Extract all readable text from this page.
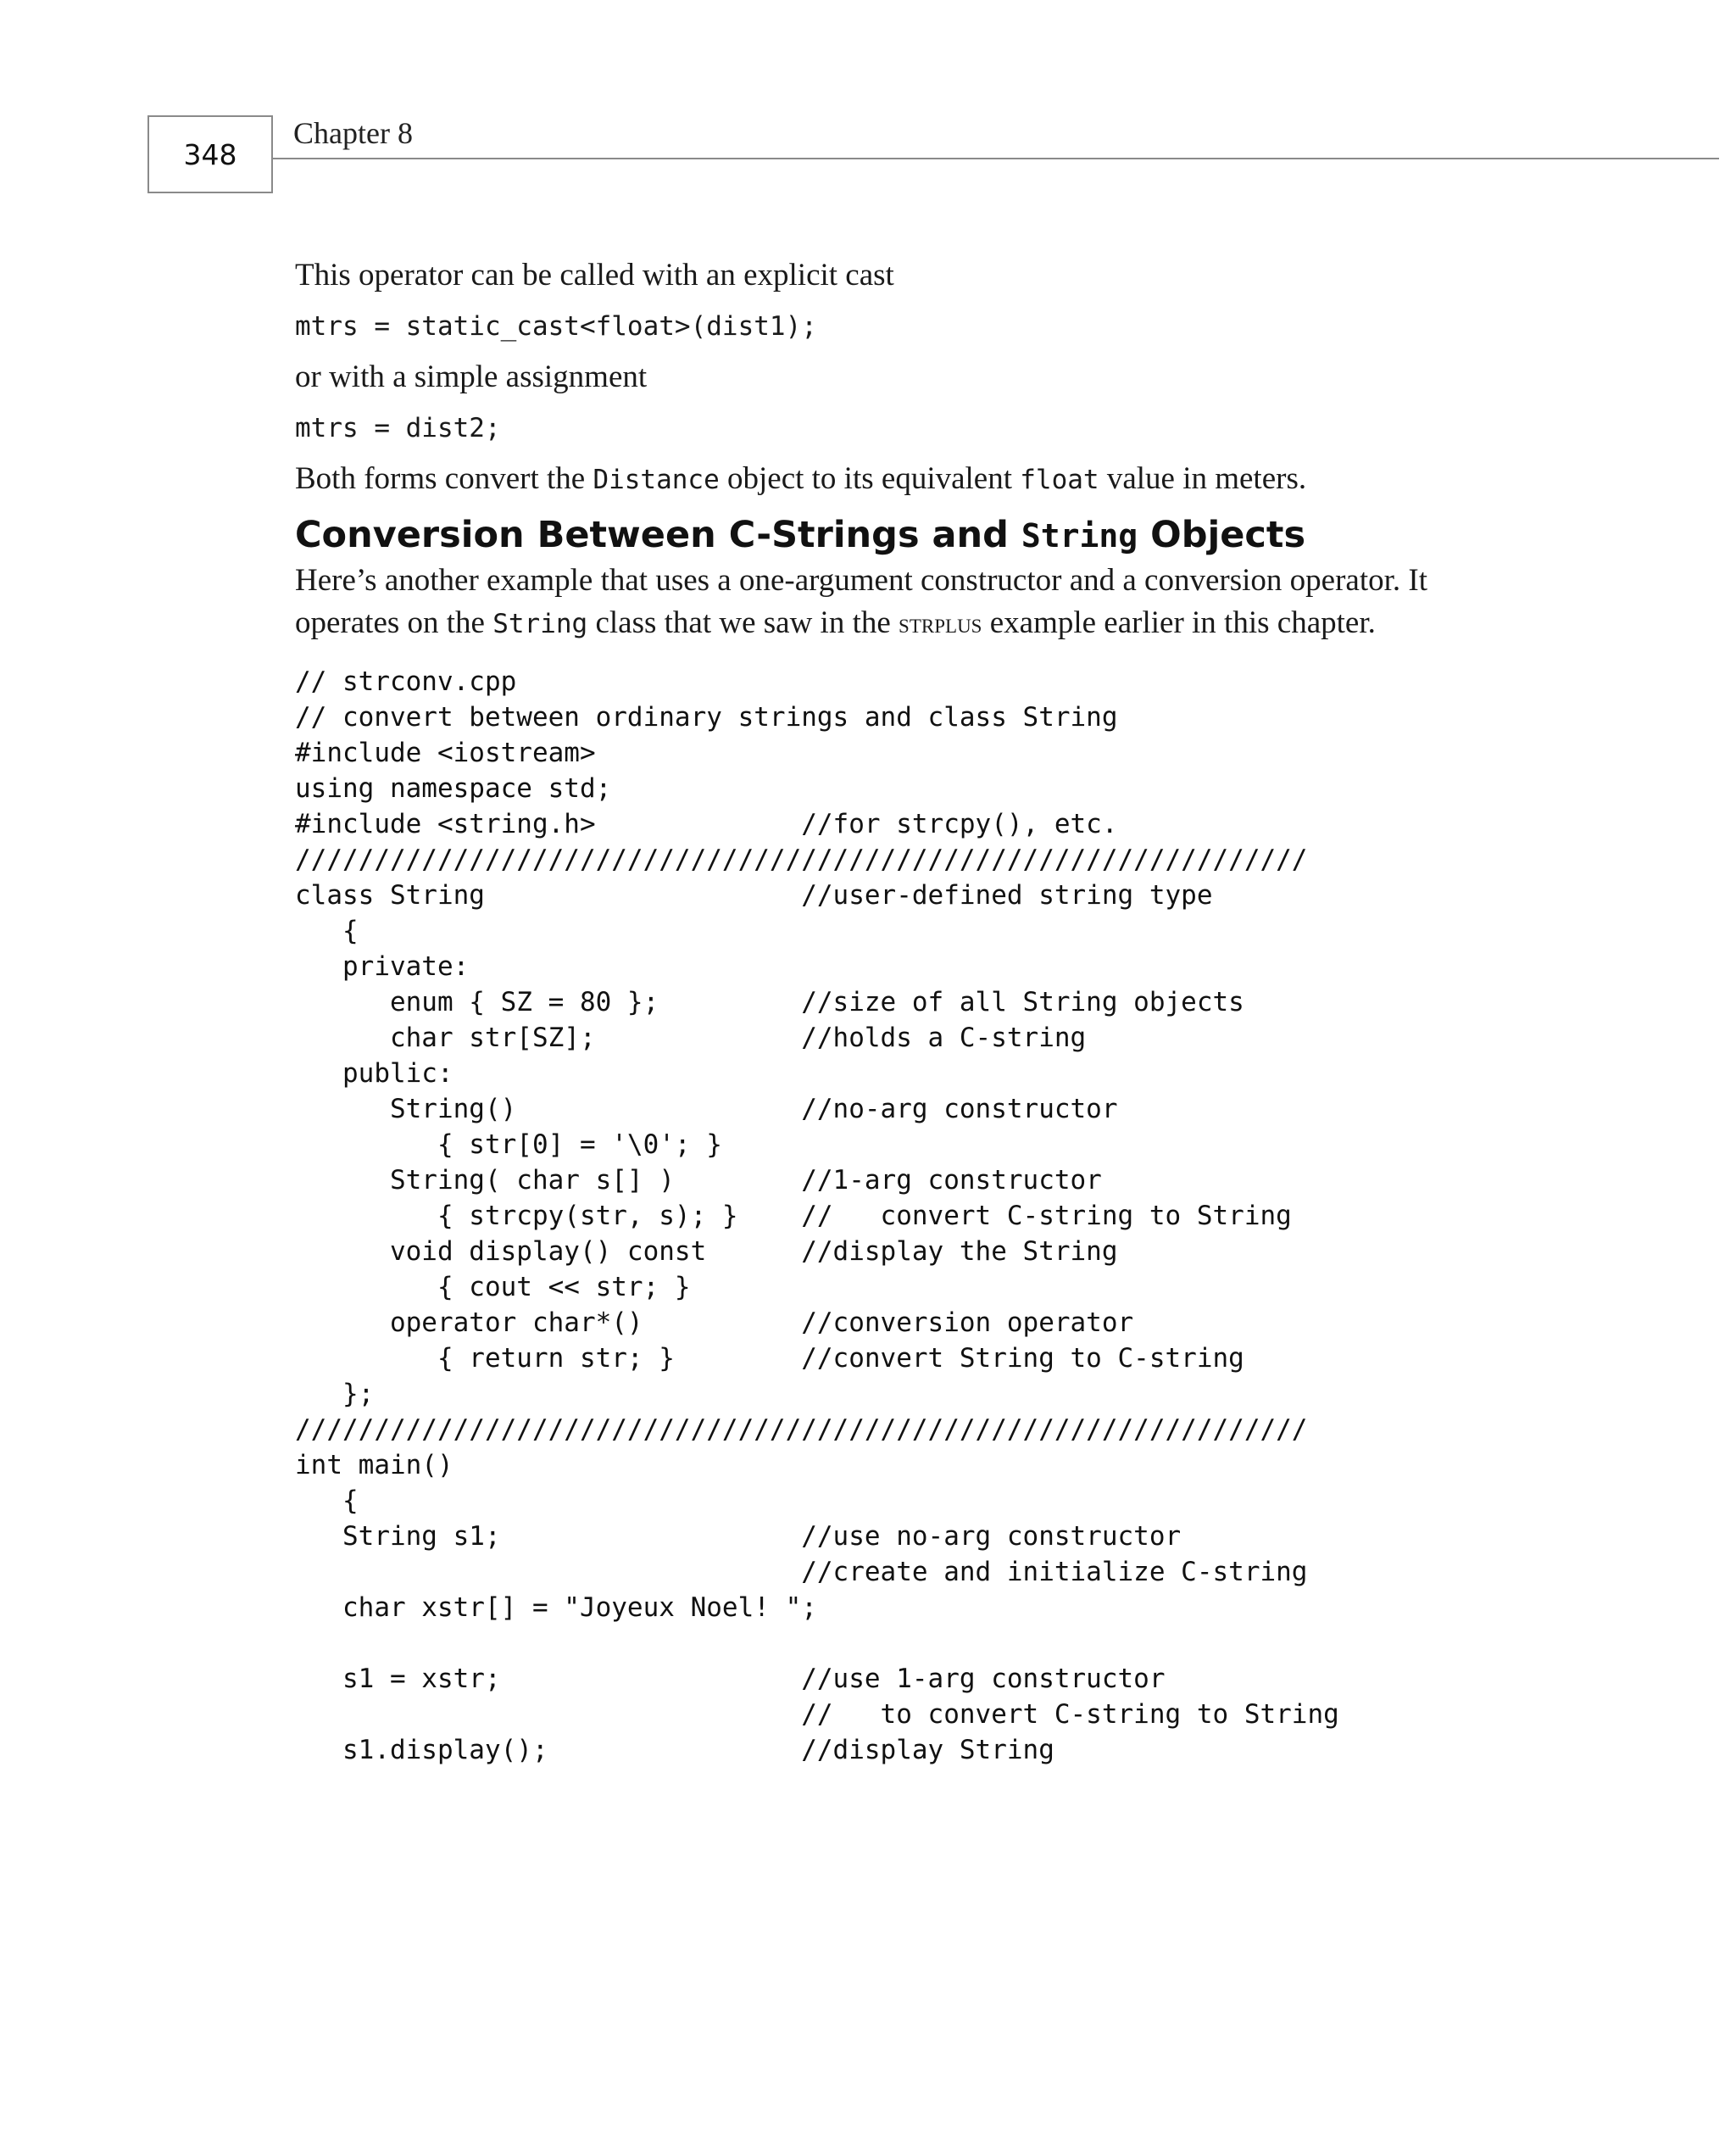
348
Chapter 8

This operator can be called with an explicit cast

mtrs = static_cast<float>(dist1);

or with a simple assignment

mtrs = dist2;

Both forms convert the Distance object to its equivalent float value in meters.

Conversion Between C-Strings and String Objects

Here’s another example that uses a one-argument constructor and a conversion operator. It

operates on the String class that we saw in the strplus example earlier in this chapter.

// strconv.cpp
// convert between ordinary strings and class String
#include <iostream>
using namespace std;
#include <string.h>             //for strcpy(), etc.
////////////////////////////////////////////////////////////////
class String                    //user-defined string type
{
private:
enum { SZ = 80 };         //size of all String objects
char str[SZ];             //holds a C-string
public:
String()                  //no-arg constructor
{ str[0] = '\0'; }
String( char s[] )        //1-arg constructor
{ strcpy(str, s); }    //   convert C-string to String
void display() const      //display the String
{ cout << str; }
operator char*()          //conversion operator
{ return str; }        //convert String to C-string
};
////////////////////////////////////////////////////////////////
int main()
{
String s1;                   //use no-arg constructor
//create and initialize C-string
char xstr[] = "Joyeux Noel! ";

s1 = xstr;                   //use 1-arg constructor
//   to convert C-string to String
s1.display();                //display String
